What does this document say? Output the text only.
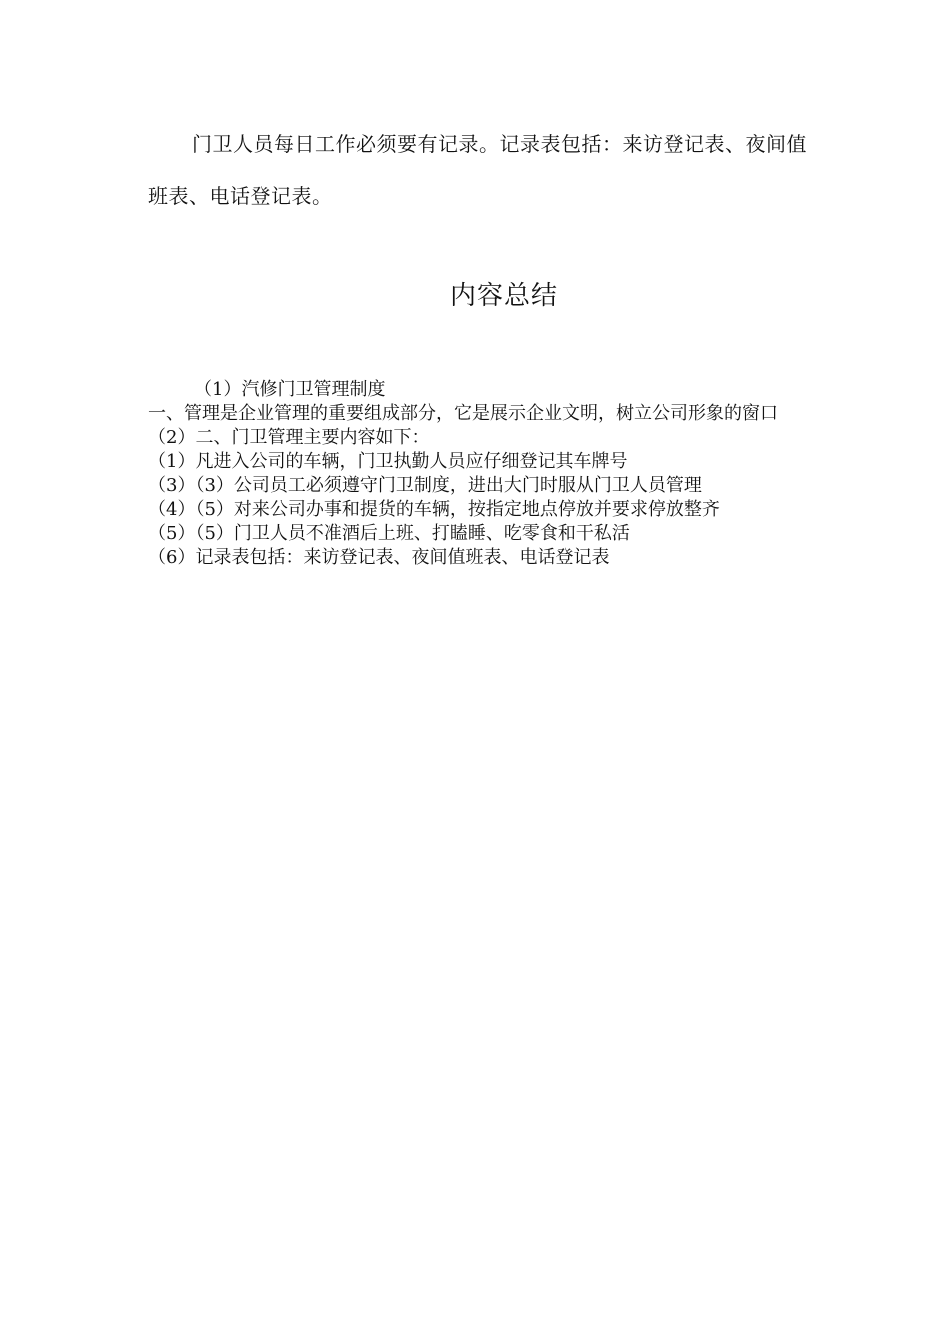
门卫人员每日工作必须要有记录。记录表包括：来访登记表、夜间值班表、电话登记表。

内容总结
（1）汽修门卫管理制度
一、管理是企业管理的重要组成部分，它是展示企业文明，树立公司形象的窗口
（2）二、门卫管理主要内容如下：
（1）凡进入公司的车辆，门卫执勤人员应仔细登记其车牌号
（3）（3）公司员工必须遵守门卫制度，进出大门时服从门卫人员管理
（4）（5）对来公司办事和提货的车辆，按指定地点停放并要求停放整齐
（5）（5）门卫人员不准酒后上班、打瞌睡、吃零食和干私活
（6）记录表包括：来访登记表、夜间值班表、电话登记表
